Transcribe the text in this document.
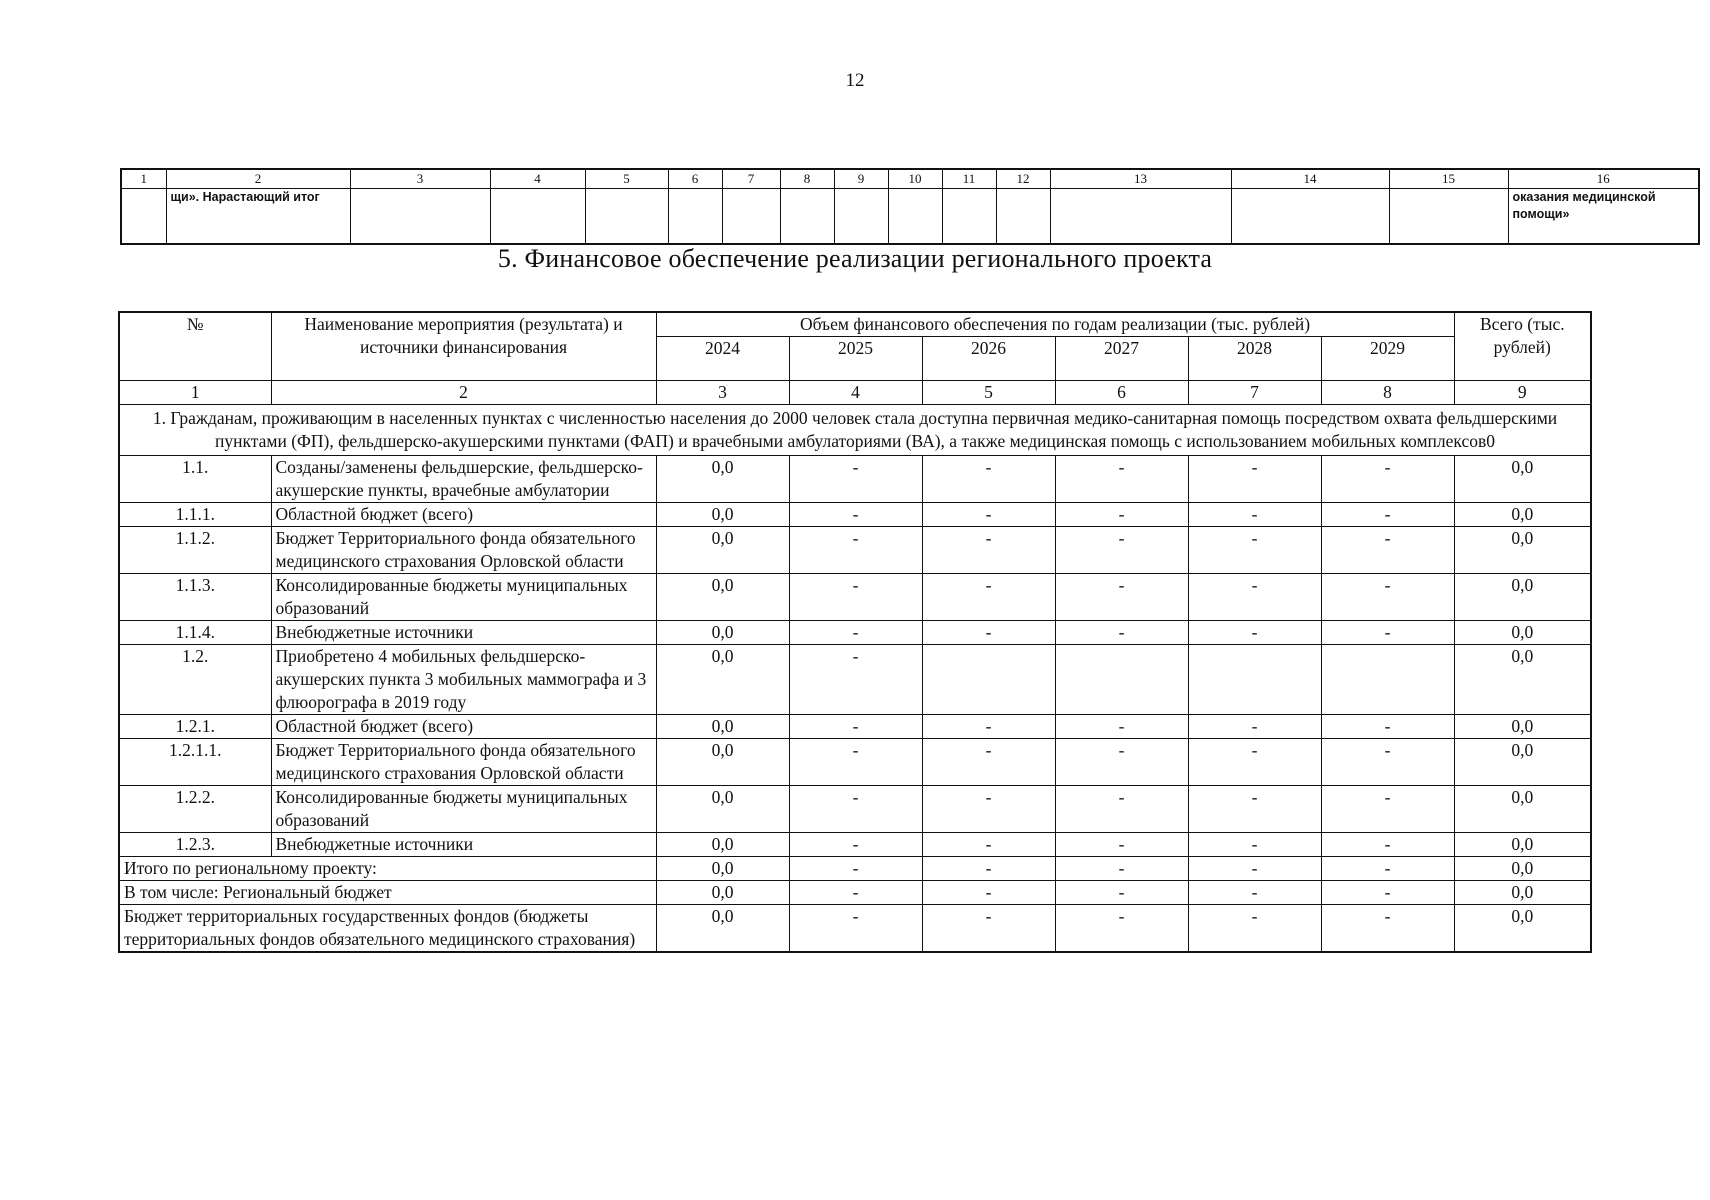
12
1	2	3	4	5	6	7	8	9	10	11	12	13	14	15	16
	щи». Нарастающий итог														оказания медицинской помощи»
5. Финансовое обеспечение реализации регионального проекта
№	Наименование мероприятия (результата) и источники финансирования	Объем финансового обеспечения по годам реализации (тыс. рублей)						Всего (тыс. рублей)
		2024	2025	2026	2027	2028	2029	
1	2	3	4	5	6	7	8	9
1. Гражданам, проживающим в населенных пунктах с численностью населения до 2000 человек стала доступна первичная медико-санитарная помощь посредством охвата фельдшерскими пунктами (ФП), фельдшерско-акушерскими пунктами (ФАП) и врачебными амбулаториями (ВА), а также медицинская помощь с использованием мобильных комплексов0								
1.1.	Созданы/заменены фельдшерские, фельдшерско-акушерские пункты, врачебные амбулатории	0,0	-	-	-	-	-	0,0
1.1.1.	Областной бюджет (всего)	0,0	-	-	-	-	-	0,0
1.1.2.	Бюджет Территориального фонда обязательного медицинского страхования Орловской области	0,0	-	-	-	-	-	0,0
1.1.3.	Консолидированные бюджеты муниципальных образований	0,0	-	-	-	-	-	0,0
1.1.4.	Внебюджетные источники	0,0	-	-	-	-	-	0,0
1.2.	Приобретено 4 мобильных фельдшерско-акушерских пункта 3 мобильных маммографа и 3 флюорографа в 2019 году	0,0	-					0,0
1.2.1.	Областной бюджет (всего)	0,0	-	-	-	-	-	0,0
1.2.1.1.	Бюджет Территориального фонда обязательного медицинского страхования Орловской области	0,0	-	-	-	-	-	0,0
1.2.2.	Консолидированные бюджеты муниципальных образований	0,0	-	-	-	-	-	0,0
1.2.3.	Внебюджетные источники	0,0	-	-	-	-	-	0,0
Итого по региональному проекту:		0,0	-	-	-	-	-	0,0
В том числе: Региональный бюджет		0,0	-	-	-	-	-	0,0
Бюджет территориальных государственных фондов (бюджеты территориальных фондов обязательного медицинского страхования)		0,0	-	-	-	-	-	0,0
